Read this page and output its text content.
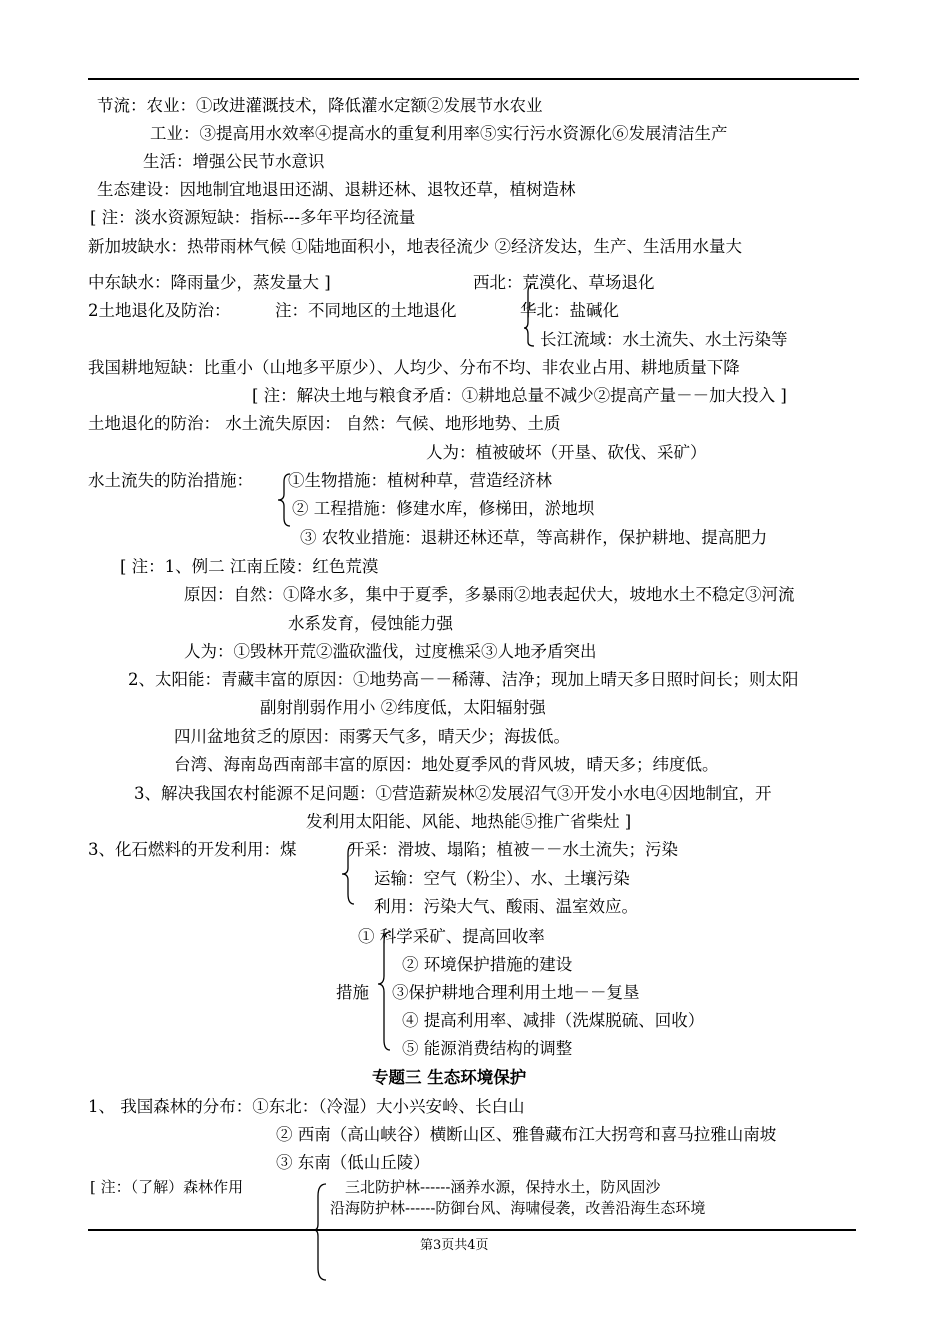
节流：农业：①改进灌溉技术，降低灌水定额②发展节水农业
工业：③提高用水效率④提高水的重复利用率⑤实行污水资源化⑥发展清洁生产
生活：增强公民节水意识
生态建设：因地制宜地退田还湖、退耕还林、退牧还草，植树造林
[ 注：淡水资源短缺：指标---多年平均径流量
新加坡缺水：热带雨林气候 ①陆地面积小，地表径流少 ②经济发达，生产、生活用水量大
中东缺水：降雨量少，蒸发量大 ]	西北：荒漠化、草场退化
2土地退化及防治：	注：不同地区的土地退化	华北：盐碱化
长江流域：水土流失、水土污染等
我国耕地短缺：比重小（山地多平原少）、人均少、分布不均、非农业占用、耕地质量下降
[ 注：解决土地与粮食矛盾：①耕地总量不减少②提高产量－－加大投入 ]
土地退化的防治： 水土流失原因： 自然：气候、地形地势、土质
人为：植被破坏（开垦、砍伐、采矿）
水土流失的防治措施： ①生物措施：植树种草，营造经济林
② 工程措施：修建水库，修梯田，淤地坝
③ 农牧业措施：退耕还林还草，等高耕作，保护耕地、提高肥力
[ 注：1、例二 江南丘陵：红色荒漠
原因：自然：①降水多，集中于夏季，多暴雨②地表起伏大，坡地水土不稳定③河流
水系发育，侵蚀能力强
人为：①毁林开荒②滥砍滥伐，过度樵采③人地矛盾突出
2、太阳能：青藏丰富的原因：①地势高－－稀薄、洁净；现加上晴天多日照时间长；则太阳
副射削弱作用小 ②纬度低，太阳辐射强
四川盆地贫乏的原因：雨雾天气多，晴天少；海拔低。
台湾、海南岛西南部丰富的原因：地处夏季风的背风坡，晴天多；纬度低。
3、解决我国农村能源不足问题：①营造薪炭林②发展沼气③开发小水电④因地制宜，开
发利用太阳能、风能、地热能⑤推广省柴灶 ]
3、化石燃料的开发利用：煤	开采：滑坡、塌陷；植被－－水土流失；污染
运输：空气（粉尘）、水、土壤污染
利用：污染大气、酸雨、温室效应。
① 科学采矿、提高回收率
② 环境保护措施的建设
措施 ③保护耕地合理利用土地－－复垦
④ 提高利用率、减排（洗煤脱硫、回收）
⑤ 能源消费结构的调整
专题三 生态环境保护
1、 我国森林的分布：①东北：（冷湿）大小兴安岭、长白山
② 西南（高山峡谷）横断山区、雅鲁藏布江大拐弯和喜马拉雅山南坡
③ 东南（低山丘陵）
[ 注：（了解）森林作用	三北防护林------涵养水源，保持水土，防风固沙
沿海防护林------防御台风、海啸侵袭，改善沿海生态环境
第3页共4页
